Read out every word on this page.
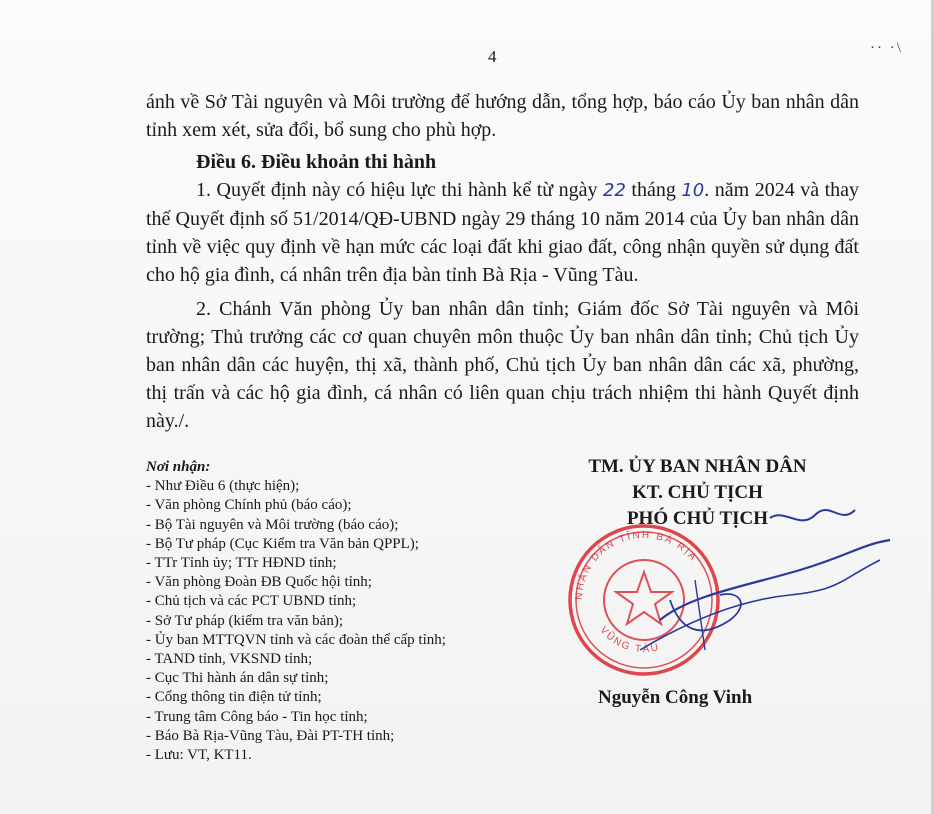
4	·· ·\

ánh về Sở Tài nguyên và Môi trường để hướng dẫn, tổng hợp, báo cáo Ủy ban nhân dân tỉnh xem xét, sửa đổi, bổ sung cho phù hợp.

Điều 6. Điều khoản thi hành

1. Quyết định này có hiệu lực thi hành kể từ ngày 22 tháng 10. năm 2024 và thay thế Quyết định số 51/2014/QĐ-UBND ngày 29 tháng 10 năm 2014 của Ủy ban nhân dân tỉnh về việc quy định về hạn mức các loại đất khi giao đất, công nhận quyền sử dụng đất cho hộ gia đình, cá nhân trên địa bàn tỉnh Bà Rịa - Vũng Tàu.

2. Chánh Văn phòng Ủy ban nhân dân tỉnh; Giám đốc Sở Tài nguyên và Môi trường; Thủ trưởng các cơ quan chuyên môn thuộc Ủy ban nhân dân tỉnh; Chủ tịch Ủy ban nhân dân các huyện, thị xã, thành phố, Chủ tịch Ủy ban nhân dân các xã, phường, thị trấn và các hộ gia đình, cá nhân có liên quan chịu trách nhiệm thi hành Quyết định này./.

Nơi nhận:
- Như Điều 6 (thực hiện);
- Văn phòng Chính phủ (báo cáo);
- Bộ Tài nguyên và Môi trường (báo cáo);
- Bộ Tư pháp (Cục Kiểm tra Văn bản QPPL);
- TTr Tỉnh ủy; TTr HĐND tỉnh;
- Văn phòng Đoàn ĐB Quốc hội tỉnh;
- Chủ tịch và các PCT UBND tỉnh;
- Sở Tư pháp (kiểm tra văn bản);
- Ủy ban MTTQVN tỉnh và các đoàn thể cấp tỉnh;
- TAND tỉnh, VKSND tỉnh;
- Cục Thi hành án dân sự tỉnh;
- Cổng thông tin điện tử tỉnh;
- Trung tâm Công báo - Tin học tỉnh;
- Báo Bà Rịa-Vũng Tàu, Đài PT-TH tỉnh;
- Lưu: VT, KT11.
TM. ỦY BAN NHÂN DÂN
KT. CHỦ TỊCH
PHÓ CHỦ TỊCH
NHÂN DÂN TỈNH BÀ RỊA
VŨNG TÀU
Nguyễn Công Vinh
